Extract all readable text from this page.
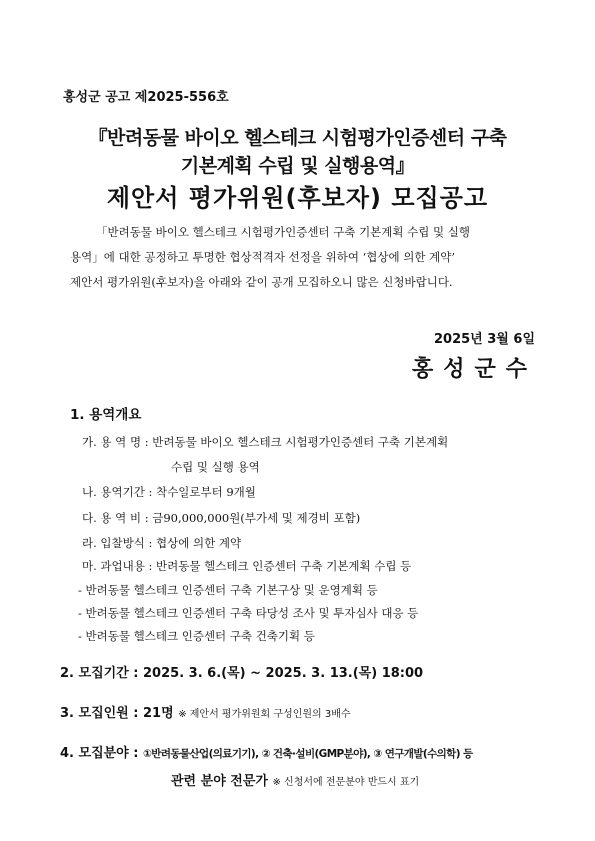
홍성군 공고 제2025-556호
『반려동물 바이오 헬스테크 시험평가인증센터 구축
기본계획 수립 및 실행용역』
제안서 평가위원(후보자) 모집공고
「반려동물 바이오 헬스테크 시험평가인증센터 구축 기본계획 수립 및 실행
용역」에 대한 공정하고 투명한 협상적격자 선정을 위하여 ‘협상에 의한 계약’
제안서 평가위원(후보자)을 아래와 같이 공개 모집하오니 많은 신청바랍니다.
2025년 3월 6일
홍성군수
1. 용역개요
가. 용 역 명 : 반려동물 바이오 헬스테크 시험평가인증센터 구축 기본계획
수립 및 실행 용역
나. 용역기간 : 착수일로부터 9개월
다. 용 역 비 : 금90,000,000원(부가세 및 제경비 포함)
라. 입찰방식 : 협상에 의한 계약
마. 과업내용 : 반려동물 헬스테크 인증센터 구축 기본계획 수립 등
- 반려동물 헬스테크 인증센터 구축 기본구상 및 운영계획 등
- 반려동물 헬스테크 인증센터 구축 타당성 조사 및 투자심사 대응 등
- 반려동물 헬스테크 인증센터 구축 건축기획 등
2. 모집기간 : 2025. 3. 6.(목) ~ 2025. 3. 13.(목) 18:00
3. 모집인원 : 21명 ※ 제안서 평가위원회 구성인원의 3배수
4. 모집분야 : ①반려동물산업(의료기기), ② 건축·설비(GMP분야), ③ 연구개발(수의학) 등
관련 분야 전문가 ※ 신청서에 전문분야 반드시 표기
